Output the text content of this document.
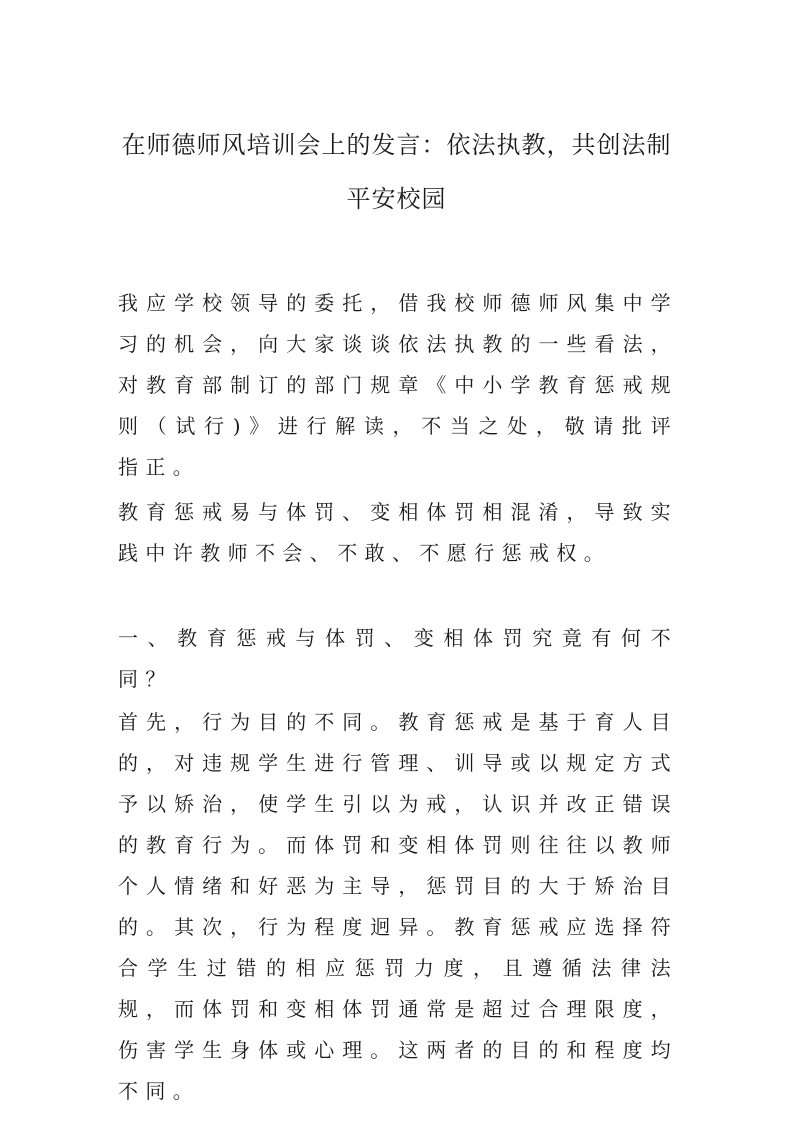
在师德师风培训会上的发言：依法执教，共创法制平安校园

我应学校领导的委托，借我校师德师风集中学习的机会，向大家谈谈依法执教的一些看法，对教育部制订的部门规章《中小学教育惩戒规则（试行)》进行解读，不当之处，敬请批评指正。

教育惩戒易与体罚、变相体罚相混淆，导致实践中许教师不会、不敢、不愿行惩戒权。

一、教育惩戒与体罚、变相体罚究竟有何不同？

首先，行为目的不同。教育惩戒是基于育人目的，对违规学生进行管理、训导或以规定方式予以矫治，使学生引以为戒，认识并改正错误的教育行为。而体罚和变相体罚则往往以教师个人情绪和好恶为主导，惩罚目的大于矫治目的。其次，行为程度迥异。教育惩戒应选择符合学生过错的相应惩罚力度，且遵循法律法规，而体罚和变相体罚通常是超过合理限度，伤害学生身体或心理。这两者的目的和程度均不同。
